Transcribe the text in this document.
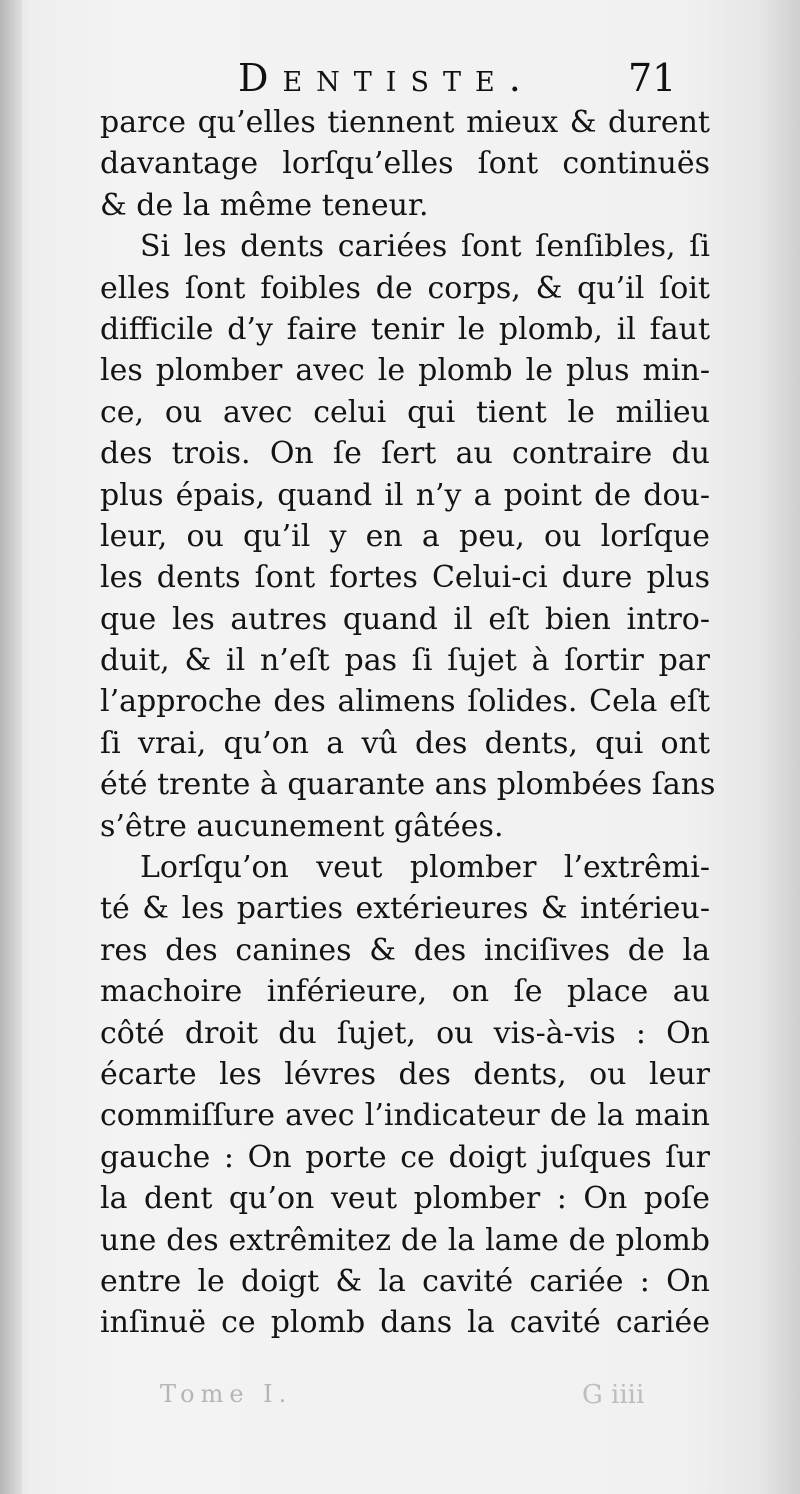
Dentiste. 71
parce qu’elles tiennent mieux & durent
davantage lorſqu’elles ſont continuës
& de la même teneur.
Si les dents cariées ſont ſenſibles, ſi
elles ſont foibles de corps, & qu’il ſoit
difficile d’y faire tenir le plomb, il faut
les plomber avec le plomb le plus min-
ce, ou avec celui qui tient le milieu
des trois. On ſe ſert au contraire du
plus épais, quand il n’y a point de dou-
leur, ou qu’il y en a peu, ou lorſque
les dents ſont fortes Celui-ci dure plus
que les autres quand il eſt bien intro-
duit, & il n’eſt pas ſi ſujet à ſortir par
l’approche des alimens ſolides. Cela eſt
ſi vrai, qu’on a vû des dents, qui ont
été trente à quarante ans plombées ſans
s’être aucunement gâtées.
Lorſqu’on veut plomber l’extrêmi-
té & les parties extérieures & intérieu-
res des canines & des inciſives de la
machoire inférieure, on ſe place au
côté droit du ſujet, ou vis-à-vis : On
écarte les lévres des dents, ou leur
commiſſure avec l’indicateur de la main
gauche : On porte ce doigt juſques ſur
la dent qu’on veut plomber : On poſe
une des extrêmitez de la lame de plomb
entre le doigt & la cavité cariée : On
inſinuë ce plomb dans la cavité cariée
Tome I.	G iiii
